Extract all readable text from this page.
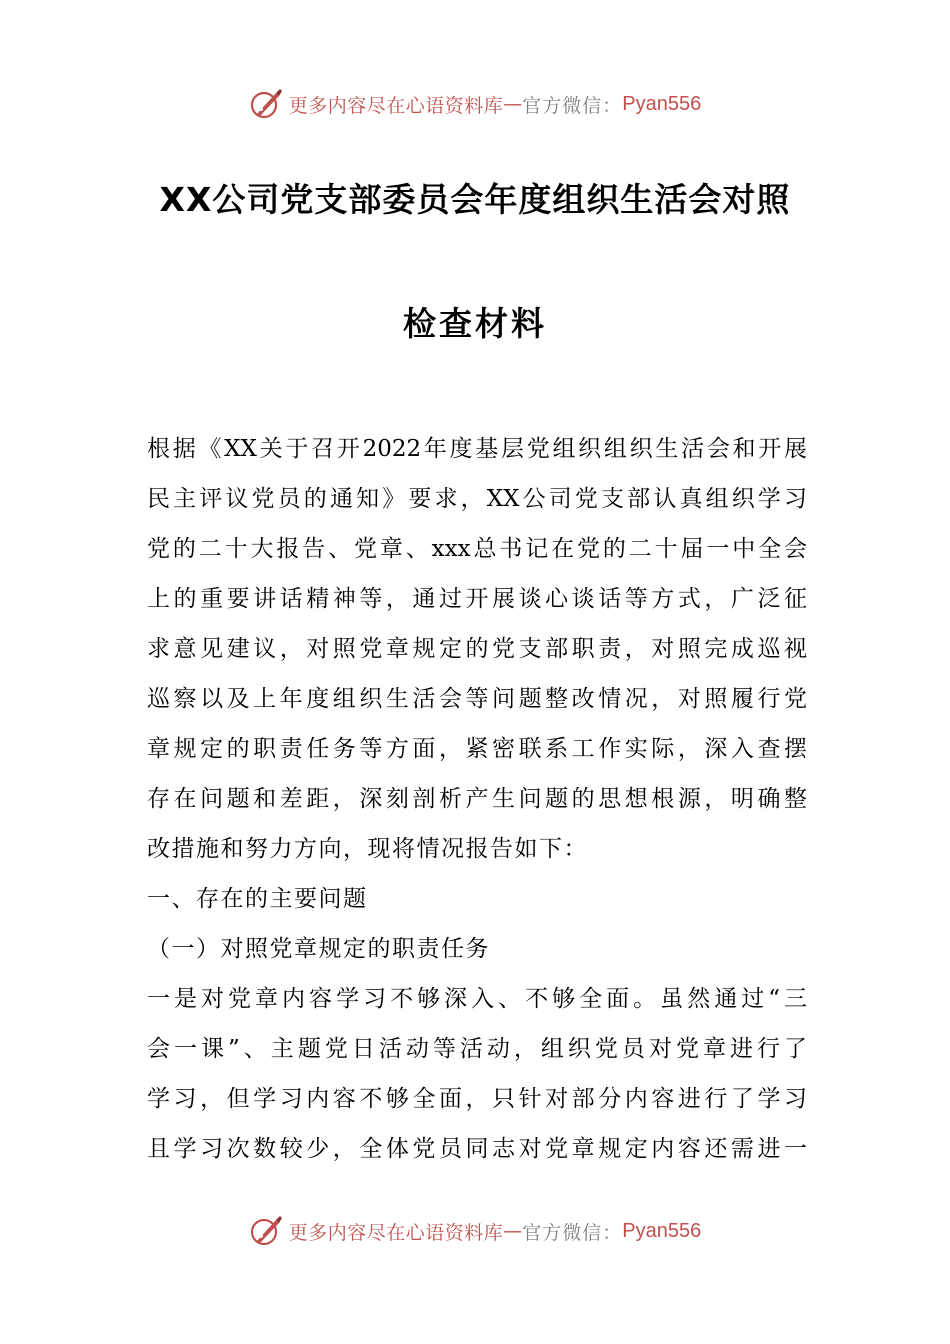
更多内容尽在心语资料库 — 官方微信： Pyan556
XX公司党支部委员会年度组织生活会对照
检查材料
根据《XX关于召开2022年度基层党组织组织生活会和开展
民主评议党员的通知》要求，XX公司党支部认真组织学习
党的二十大报告、党章、xxx总书记在党的二十届一中全会
上的重要讲话精神等，通过开展谈心谈话等方式，广泛征
求意见建议，对照党章规定的党支部职责，对照完成巡视
巡察以及上年度组织生活会等问题整改情况，对照履行党
章规定的职责任务等方面，紧密联系工作实际，深入查摆
存在问题和差距，深刻剖析产生问题的思想根源，明确整
改措施和努力方向，现将情况报告如下：
一、存在的主要问题
（一）对照党章规定的职责任务
一是对党章内容学习不够深入、不够全面。虽然通过“三
会一课”、主题党日活动等活动，组织党员对党章进行了
学习，但学习内容不够全面，只针对部分内容进行了学习
且学习次数较少，全体党员同志对党章规定内容还需进一
更多内容尽在心语资料库 — 官方微信： Pyan556
